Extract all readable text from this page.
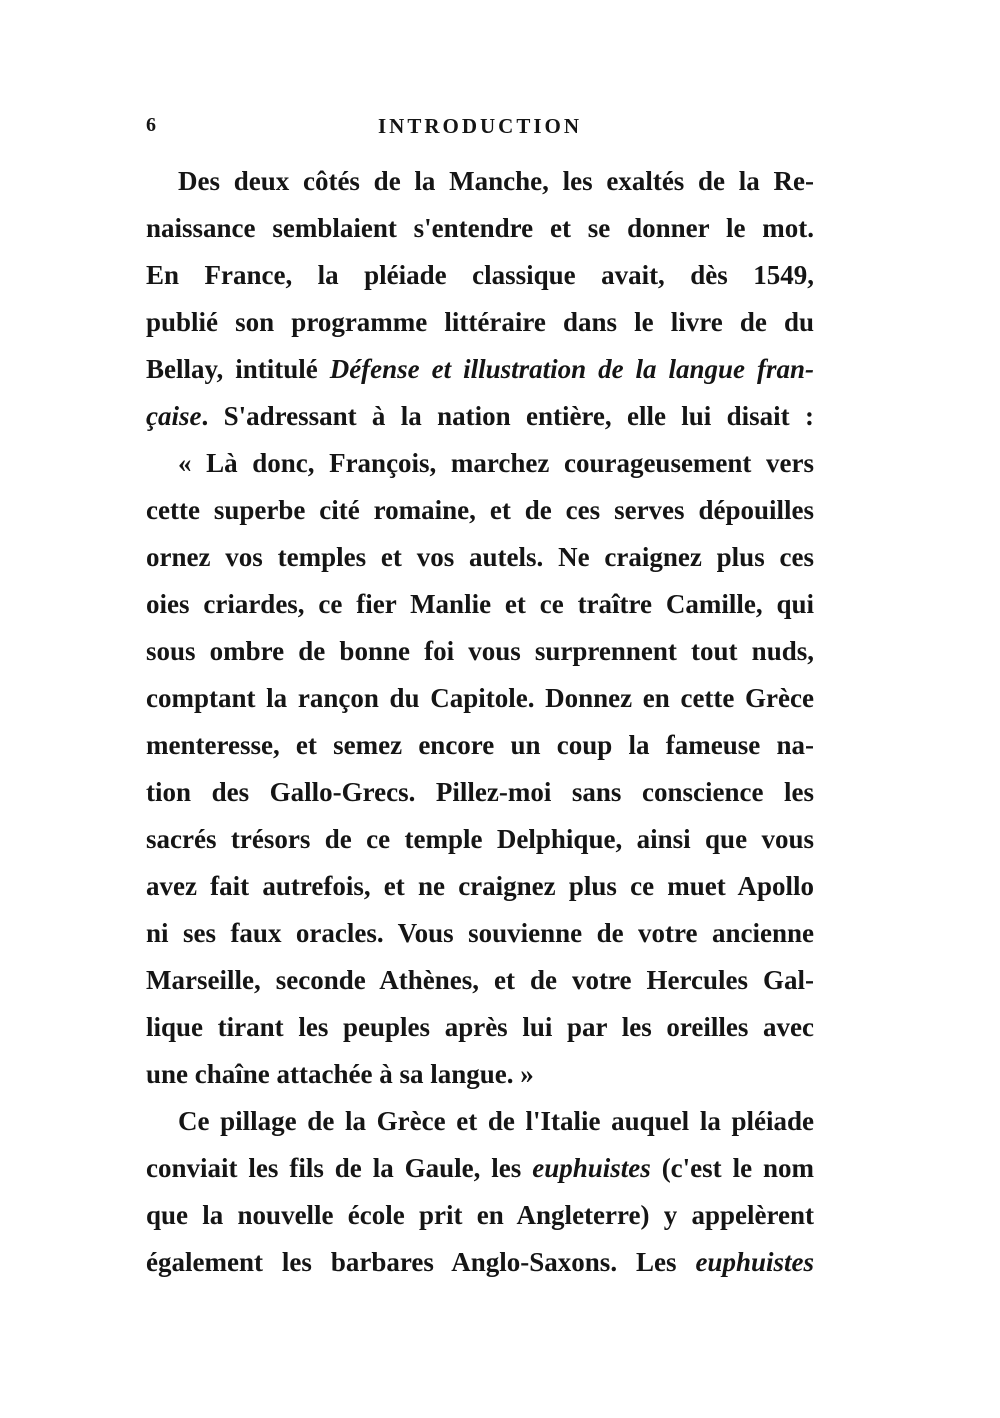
6	INTRODUCTION
Des deux côtés de la Manche, les exaltés de la Re-
naissance semblaient s'entendre et se donner le mot.
En France, la pléiade classique avait, dès 1549,
publié son programme littéraire dans le livre de du
Bellay, intitulé Défense et illustration de la langue fran-
çaise. S'adressant à la nation entière, elle lui disait :
« Là donc, François, marchez courageusement vers
cette superbe cité romaine, et de ces serves dépouilles
ornez vos temples et vos autels. Ne craignez plus ces
oies criardes, ce fier Manlie et ce traître Camille, qui
sous ombre de bonne foi vous surprennent tout nuds,
comptant la rançon du Capitole. Donnez en cette Grèce
menteresse, et semez encore un coup la fameuse na-
tion des Gallo-Grecs. Pillez-moi sans conscience les
sacrés trésors de ce temple Delphique, ainsi que vous
avez fait autrefois, et ne craignez plus ce muet Apollo
ni ses faux oracles. Vous souvienne de votre ancienne
Marseille, seconde Athènes, et de votre Hercules Gal-
lique tirant les peuples après lui par les oreilles avec
une chaîne attachée à sa langue. »
Ce pillage de la Grèce et de l'Italie auquel la pléiade
conviait les fils de la Gaule, les euphuistes (c'est le nom
que la nouvelle école prit en Angleterre) y appelèrent
également les barbares Anglo-Saxons. Les euphuistes
